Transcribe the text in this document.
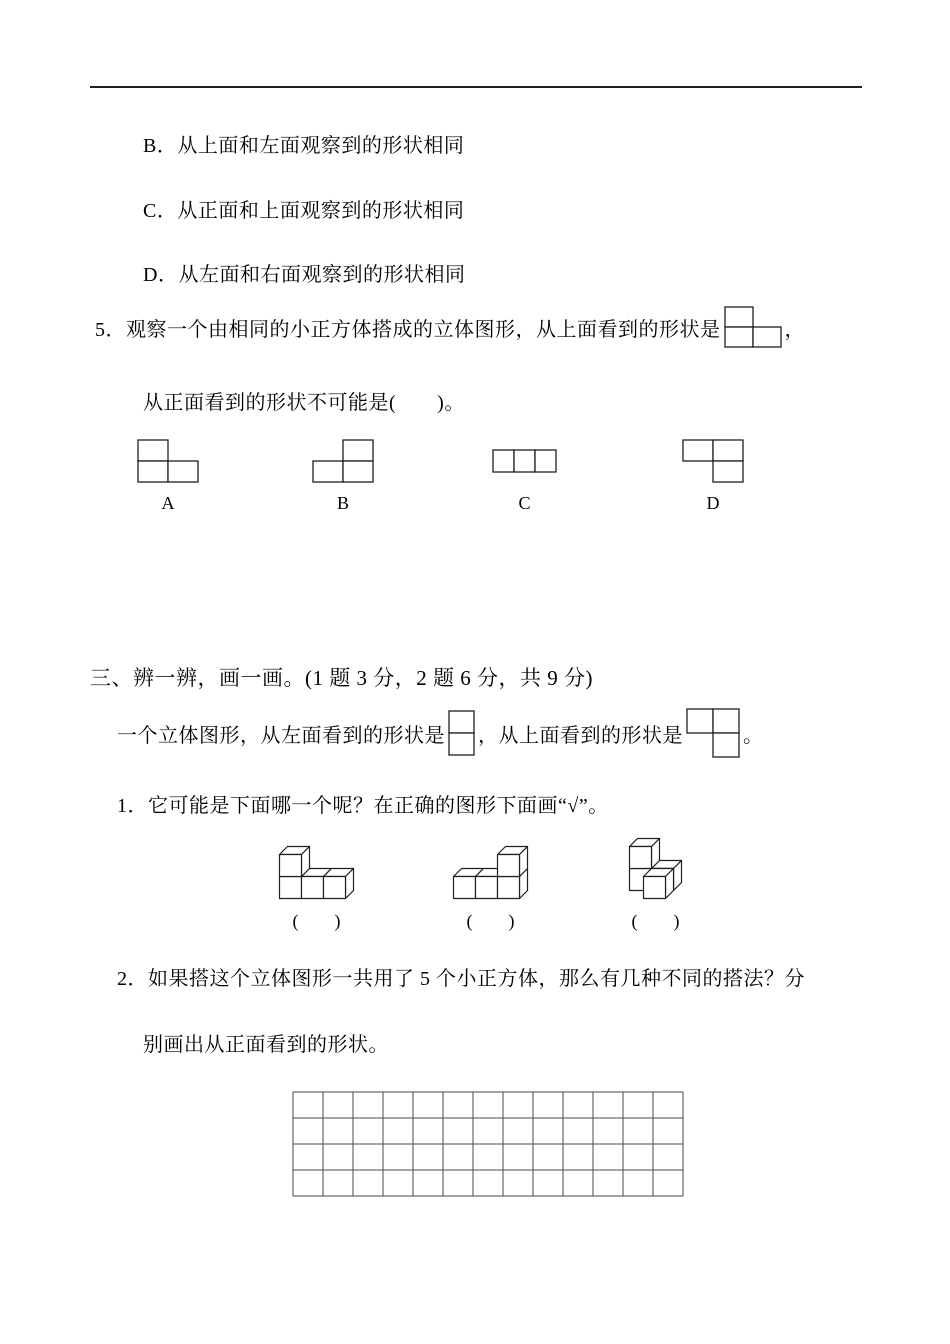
B．从上面和左面观察到的形状相同
C．从正面和上面观察到的形状相同
D．从左面和右面观察到的形状相同
5．观察一个由相同的小正方体搭成的立体图形，从上面看到的形状是	，
从正面看到的形状不可能是(　　)。
A	B	C	D
三、辨一辨，画一画。(1 题 3 分，2 题 6 分，共 9 分)
一个立体图形，从左面看到的形状是 ，从上面看到的形状是	。
1．它可能是下面哪一个呢？在正确的图形下面画“√”。
(　　)	(　　)	(　　)
2．如果搭这个立体图形一共用了 5 个小正方体，那么有几种不同的搭法？分
别画出从正面看到的形状。
